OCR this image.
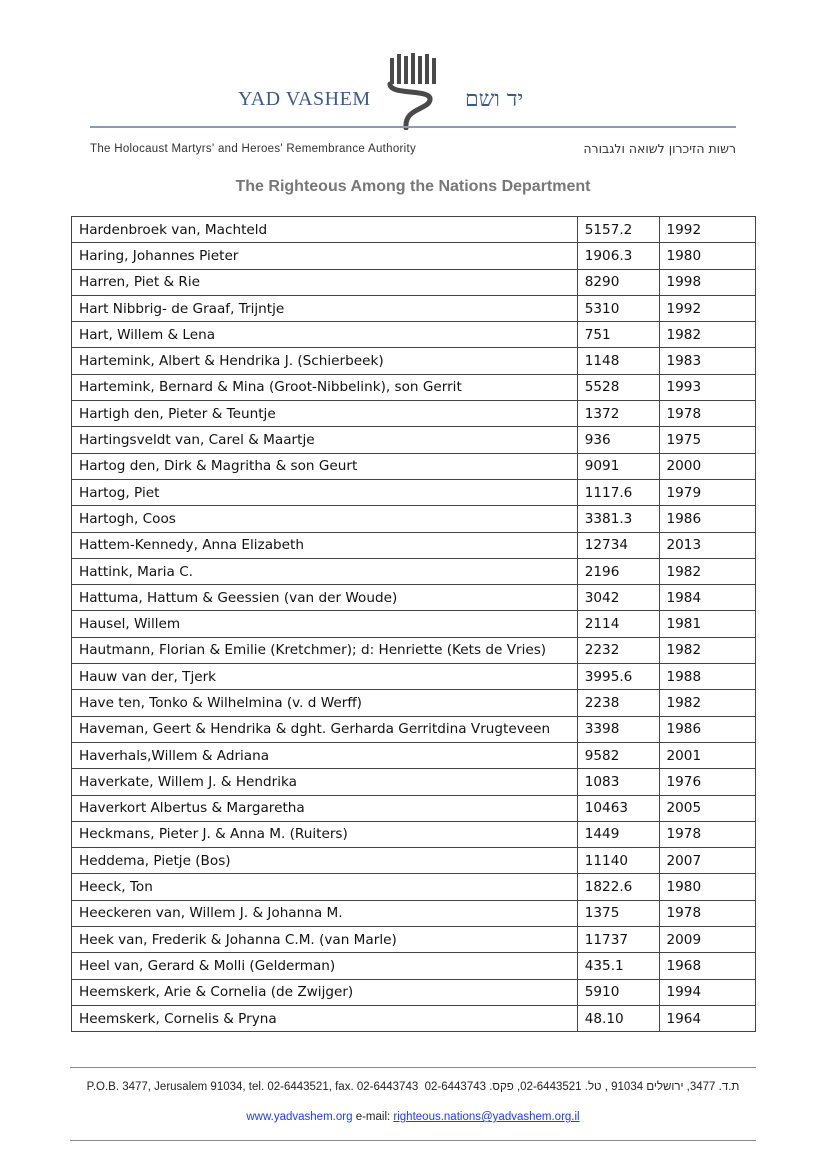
YAD VASHEM	יד ושם
The Holocaust Martyrs' and Heroes' Remembrance Authority	רשות הזיכרון לשואה ולגבורה
The Righteous Among the Nations Department
Hardenbroek van, Machteld	5157.2	1992
Haring, Johannes Pieter	1906.3	1980
Harren, Piet & Rie	8290	1998
Hart Nibbrig- de Graaf, Trijntje	5310	1992
Hart, Willem & Lena	751	1982
Hartemink, Albert & Hendrika J. (Schierbeek)	1148	1983
Hartemink, Bernard & Mina (Groot-Nibbelink), son Gerrit	5528	1993
Hartigh den, Pieter & Teuntje	1372	1978
Hartingsveldt van, Carel & Maartje	936	1975
Hartog den, Dirk & Magritha & son Geurt	9091	2000
Hartog, Piet	1117.6	1979
Hartogh, Coos	3381.3	1986
Hattem-Kennedy, Anna Elizabeth	12734	2013
Hattink, Maria C.	2196	1982
Hattuma, Hattum & Geessien (van der Woude)	3042	1984
Hausel, Willem	2114	1981
Hautmann, Florian & Emilie (Kretchmer); d: Henriette (Kets de Vries)	2232	1982
Hauw van der, Tjerk	3995.6	1988
Have ten, Tonko & Wilhelmina (v. d Werff)	2238	1982
Haveman, Geert & Hendrika & dght. Gerharda Gerritdina Vrugteveen	3398	1986
Haverhals,Willem & Adriana	9582	2001
Haverkate, Willem J. & Hendrika	1083	1976
Haverkort Albertus & Margaretha	10463	2005
Heckmans, Pieter J. & Anna M. (Ruiters)	1449	1978
Heddema, Pietje (Bos)	11140	2007
Heeck, Ton	1822.6	1980
Heeckeren van, Willem J. & Johanna M.	1375	1978
Heek van, Frederik & Johanna C.M. (van Marle)	11737	2009
Heel van, Gerard & Molli (Gelderman)	435.1	1968
Heemskerk, Arie & Cornelia (de Zwijger)	5910	1994
Heemskerk, Cornelis & Pryna	48.10	1964
P.O.B. 3477, Jerusalem 91034, tel. 02-6443521, fax. 02-6443743 ת.ד. 3477, ירושלים 91034 , טל. 02-6443521, פקס. 02-6443743
www.yadvashem.org e-mail: righteous.nations@yadvashem.org.il
